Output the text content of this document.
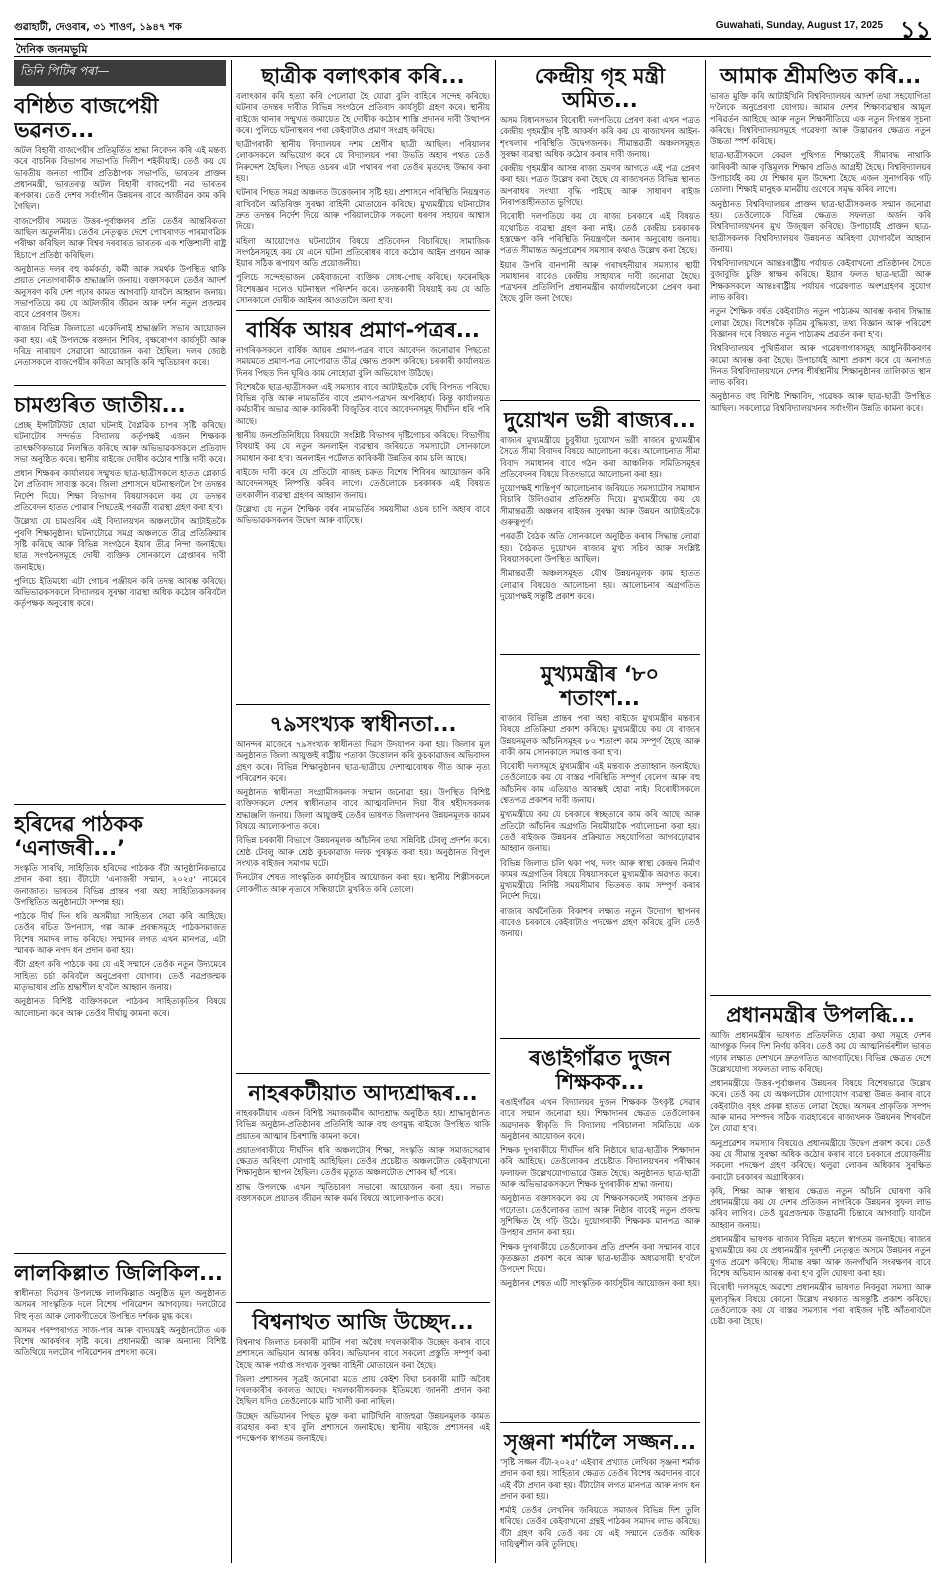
গুৱাহাটী, দেওবাৰ, ৩১ শাওণ, ১৯৪৭ শক	Guwahati, Sunday, August 17, 2025 ১১
দৈনিক জনমভূমি
তিনি পিটিৰ পৰা—
বশিষ্ঠত বাজপেয়ী ভৱনত...

অটল বিহাৰী বাজপেয়ীৰ প্ৰতিমূৰ্তিত শ্ৰদ্ধা নিবেদন কৰি এই মন্তব্য কৰে বাচনিক বিভাগৰ সভাপতি দিলীপ শইকীয়াই। তেওঁ কয় যে ভাৰতীয় জনতা পাৰ্টিৰ প্ৰতিষ্ঠাপক সভাপতি, ভাৰতৰ প্ৰাক্তন প্ৰধানমন্ত্ৰী, ভাৰতৰত্ন অটল বিহাৰী বাজপেয়ী নৱ ভাৰতৰ ৰূপকাৰ। তেওঁ দেশৰ সৰ্বাংগীন উন্নয়নৰ বাবে আজীৱন কাম কৰি গৈছিল।

বাজপেয়ীৰ সময়ত উত্তৰ-পূৰ্বাঞ্চলৰ প্ৰতি তেওঁৰ আন্তৰিকতা আছিল অতুলনীয়। তেওঁৰ নেতৃত্বত দেশে পোখৰাণত পাৰমাণৱিক পৰীক্ষা কৰিছিল আৰু বিশ্বৰ দৰবাৰত ভাৰতক এক শক্তিশালী ৰাষ্ট্ৰ হিচাপে প্ৰতিষ্ঠা কৰিছিল।

অনুষ্ঠানত দলৰ বহু কৰ্মকৰ্তা, কৰ্মী আৰু সমৰ্থক উপস্থিত থাকি প্ৰয়াত নেতাগৰাকীক শ্ৰদ্ধাঞ্জলি জনায়। বক্তাসকলে তেওঁৰ আদৰ্শ অনুসৰণ কৰি দেশ গঢ়াৰ কামত আগবাঢ়ি যাবলৈ আহ্বান জনায়। সভাপতিয়ে কয় যে অটলজীৰ জীৱন আৰু দৰ্শন নতুন প্ৰজন্মৰ বাবে প্ৰেৰণাৰ উৎস।

ৰাজ্যৰ বিভিন্ন জিলাতো একেদিনাই শ্ৰদ্ধাঞ্জলি সভাৰ আয়োজন কৰা হয়। এই উপলক্ষে ৰক্তদান শিবিৰ, বৃক্ষৰোপণ কাৰ্যসূচী আৰু দৰিদ্ৰ নাৰায়ণ সেৱাৰো আয়োজন কৰা হৈছিল। দলৰ জ্যেষ্ঠ নেতাসকলে বাজপেয়ীৰ কবিতা আবৃত্তি কৰি স্মৃতিচাৰণ কৰে।

চামগুৰিত জাতীয়...

প্ৰেচ্ছ ইন্সটিটিউট হোৱা ঘটনাই বৈপ্লৱিক চাপৰ সৃষ্টি কৰিছে। ঘটনাটোৰ সন্দৰ্ভত বিদ্যালয় কৰ্তৃপক্ষই এজন শিক্ষকক তাৎক্ষণিকভাৱে নিলম্বিত কৰিছে আৰু অভিভাৱকসকলে প্ৰতিবাদ সভা অনুষ্ঠিত কৰে। স্থানীয় ৰাইজে দোষীৰ কঠোৰ শাস্তি দাবী কৰে।

প্ৰধান শিক্ষকৰ কাৰ্যালয়ৰ সন্মুখত ছাত্ৰ-ছাত্ৰীসকলে হাতত প্লেকাৰ্ড লৈ প্ৰতিবাদ সাব্যস্ত কৰে। জিলা প্ৰশাসনে ঘটনাস্থললৈ গৈ তদন্তৰ নিৰ্দেশ দিয়ে। শিক্ষা বিভাগৰ বিষয়াসকলে কয় যে তদন্তৰ প্ৰতিবেদন হাতত পোৱাৰ পিছতেই পৰৱৰ্তী ব্যৱস্থা গ্ৰহণ কৰা হ'ব।

উল্লেখ্য যে চামগুৰিৰ এই বিদ্যালয়খন অঞ্চলটোৰ আটাইতকৈ পুৰণি শিক্ষানুষ্ঠান। ঘটনাটোৱে সমগ্ৰ অঞ্চলতে তীব্ৰ প্ৰতিক্ৰিয়াৰ সৃষ্টি কৰিছে আৰু বিভিন্ন সংগঠনে ইয়াৰ তীব্ৰ নিন্দা জনাইছে। ছাত্ৰ সংগঠনসমূহে দোষী ব্যক্তিক সোনকালে গ্ৰেপ্তাৰৰ দাবী জনাইছে।

পুলিচে ইতিমধ্যে এটা গোচৰ পঞ্জীয়ন কৰি তদন্ত আৰম্ভ কৰিছে। অভিভাৱকসকলে বিদ্যালয়ৰ সুৰক্ষা ব্যৱস্থা অধিক কঠোৰ কৰিবলৈ কৰ্তৃপক্ষক অনুৰোধ কৰে।

হৰিদেৱ পাঠকক ‘এনাজৰী...’

সংস্কৃতি সাৰথি, সাহিত্যিক হৰিদেৱ পাঠকক বঁটা আনুষ্ঠানিকভাৱে প্ৰদান কৰা হয়। বঁটাটো 'এনাজৰী সন্মান, ২০২৫' নামেৰে জনাজাত। ভাৰতৰ বিভিন্ন প্ৰান্তৰ পৰা অহা সাহিত্যিকসকলৰ উপস্থিতিত অনুষ্ঠানটো সম্পন্ন হয়।

পাঠকে দীৰ্ঘ দিন ধৰি অসমীয়া সাহিত্যৰ সেৱা কৰি আহিছে। তেওঁৰ ৰচিত উপন্যাস, গল্প আৰু প্ৰবন্ধসমূহে পাঠকসমাজত বিশেষ সমাদৰ লাভ কৰিছে। সন্মানৰ লগত এখন মানপত্ৰ, এটা স্মাৰক আৰু নগদ ধন প্ৰদান কৰা হয়।

বঁটা গ্ৰহণ কৰি পাঠকে কয় যে এই সন্মানে তেওঁক নতুন উদ্যমেৰে সাহিত্য চৰ্চা কৰিবলৈ অনুপ্ৰেৰণা যোগাব। তেওঁ নৱপ্ৰজন্মক মাতৃভাষাৰ প্ৰতি শ্ৰদ্ধাশীল হ'বলৈ আহ্বান জনায়।

অনুষ্ঠানত বিশিষ্ট ব্যক্তিসকলে পাঠকৰ সাহিত্যকৃতিৰ বিষয়ে আলোচনা কৰে আৰু তেওঁৰ দীৰ্ঘায়ু কামনা কৰে।

লালকিল্লাত জিলিকিল...

স্বাধীনতা দিৱসৰ উপলক্ষে লালকিল্লাত অনুষ্ঠিত মূল অনুষ্ঠানত অসমৰ সাংস্কৃতিক দলে বিশেষ পৰিৱেশন আগবঢ়ায়। দলটোৱে বিহু নৃত্য আৰু লোকগীতেৰে উপস্থিত দৰ্শকক মুগ্ধ কৰে।

অসমৰ পৰম্পৰাগত সাজ-পাৰ আৰু বাদ্যযন্ত্ৰই অনুষ্ঠানটোত এক বিশেষ আকৰ্ষণৰ সৃষ্টি কৰে। প্ৰধানমন্ত্ৰী আৰু অন্যান্য বিশিষ্ট অতিথিয়ে দলটোৰ পৰিৱেশনৰ প্ৰশংসা কৰে।

ছাত্ৰীক বলাৎকাৰ কৰি...

বলাৎকাৰ কৰি হত্যা কৰি পেলোৱা হৈ যোৱা বুলি বাহিৰে সন্দেহ কৰিছে। ঘটনাৰ তদন্তৰ দাবীত বিভিন্ন সংগঠনে প্ৰতিবাদ কাৰ্যসূচী গ্ৰহণ কৰে। স্থানীয় ৰাইজে থানাৰ সন্মুখত জমায়েত হৈ দোষীক কঠোৰ শাস্তি প্ৰদানৰ দাবী উত্থাপন কৰে। পুলিচে ঘটনাস্থলৰ পৰা কেইবাটাও প্ৰমাণ সংগ্ৰহ কৰিছে।

ছাত্ৰীগৰাকী স্থানীয় বিদ্যালয়ৰ দশম শ্ৰেণীৰ ছাত্ৰী আছিল। পৰিয়ালৰ লোকসকলে অভিযোগ কৰে যে বিদ্যালয়ৰ পৰা উভতি অহাৰ পথত তেওঁ নিৰুদ্দেশ হৈছিল। পিছত ওচৰৰ এটা পথাৰৰ পৰা তেওঁৰ মৃতদেহ উদ্ধাৰ কৰা হয়।

ঘটনাৰ পিছত সমগ্ৰ অঞ্চলত উত্তেজনাৰ সৃষ্টি হয়। প্ৰশাসনে পৰিস্থিতি নিয়ন্ত্ৰণত ৰাখিবলৈ অতিৰিক্ত সুৰক্ষা বাহিনী মোতায়েন কৰিছে। মুখ্যমন্ত্ৰীয়ে ঘটনাটোৰ দ্ৰুত তদন্তৰ নিৰ্দেশ দিয়ে আৰু পৰিয়ালটোক সকলো ধৰণৰ সহায়ৰ আশ্বাস দিয়ে।

মহিলা আয়োগেও ঘটনাটোৰ বিষয়ে প্ৰতিবেদন বিচাৰিছে। সামাজিক সংগঠনসমূহে কয় যে এনে ঘটনা প্ৰতিৰোধৰ বাবে কঠোৰ আইন প্ৰণয়ন আৰু ইয়াৰ সঠিক ৰূপায়ণ অতি প্ৰয়োজনীয়।

পুলিচে সন্দেহভাজন কেইবাজনো ব্যক্তিক সোধ-পোছ কৰিছে। ফৰেনছিক বিশেষজ্ঞৰ দলেও ঘটনাস্থল পৰিদৰ্শন কৰে। তদন্তকাৰী বিষয়াই কয় যে অতি সোনকালে দোষীক আইনৰ আওতালৈ অনা হ'ব।

বাৰ্ষিক আয়ৰ প্ৰমাণ-পত্ৰৰ...

নাগৰিকসকলে বাৰ্ষিক আয়ৰ প্ৰমাণ-পত্ৰৰ বাবে আবেদন জনোৱাৰ পিছতো সময়মতে প্ৰমাণ-পত্ৰ নোপোৱাত তীব্ৰ ক্ষোভ প্ৰকাশ কৰিছে। চৰকাৰী কাৰ্যালয়ত দিনৰ পিছত দিন ঘূৰিও কাম নোহোৱা বুলি অভিযোগ উঠিছে।

বিশেষকৈ ছাত্ৰ-ছাত্ৰীসকল এই সমস্যাৰ বাবে আটাইতকৈ বেছি বিপদত পৰিছে। বিভিন্ন বৃত্তি আৰু নামভৰ্তিৰ বাবে প্ৰমাণ-পত্ৰখন অপৰিহাৰ্য। কিন্তু কাৰ্যালয়ত কৰ্মচাৰীৰ অভাৱ আৰু কাৰিকৰী বিজুতিৰ বাবে আবেদনসমূহ দীৰ্ঘদিন ধৰি পৰি আছে।

স্থানীয় জনপ্ৰতিনিধিয়ে বিষয়টো সংশ্লিষ্ট বিভাগৰ দৃষ্টিগোচৰ কৰিছে। বিভাগীয় বিষয়াই কয় যে নতুন অনলাইন ব্যৱস্থাৰ জৰিয়তে সমস্যাটো সোনকালে সমাধান কৰা হ'ব। অনলাইন পৰ্টেলত কাৰিকৰী উন্নতিৰ কাম চলি আছে।

ৰাইজে দাবী কৰে যে প্ৰতিটো ৰাজহ চক্ৰত বিশেষ শিবিৰৰ আয়োজন কৰি আবেদনসমূহ নিষ্পত্তি কৰিব লাগে। তেওঁলোকে চৰকাৰক এই বিষয়ত তৎকালীন ব্যৱস্থা গ্ৰহণৰ আহ্বান জনায়।

উল্লেখ্য যে নতুন শৈক্ষিক বৰ্ষৰ নামভৰ্তিৰ সময়সীমা ওচৰ চাপি অহাৰ বাবে অভিভাৱকসকলৰ উদ্বেগ আৰু বাঢ়িছে।

৭৯সংখ্যক স্বাধীনতা...

আনন্দৰ মাজেৰে ৭৯সংখ্যক স্বাধীনতা দিৱস উদযাপন কৰা হয়। জিলাৰ মূল অনুষ্ঠানত জিলা আয়ুক্তই ৰাষ্ট্ৰীয় পতাকা উত্তোলন কৰি কুচকাৱাজৰ অভিবাদন গ্ৰহণ কৰে। বিভিন্ন শিক্ষানুষ্ঠানৰ ছাত্ৰ-ছাত্ৰীয়ে দেশাত্মবোধক গীত আৰু নৃত্য পৰিৱেশন কৰে।

অনুষ্ঠানত স্বাধীনতা সংগ্ৰামীসকলক সন্মান জনোৱা হয়। উপস্থিত বিশিষ্ট ব্যক্তিসকলে দেশৰ স্বাধীনতাৰ বাবে আত্মবলিদান দিয়া বীৰ শ্বহীদসকলক শ্ৰদ্ধাঞ্জলি জনায়। জিলা আয়ুক্তই তেওঁৰ ভাষণত জিলাখনৰ উন্নয়নমূলক কামৰ বিষয়ে আলোকপাত কৰে।

বিভিন্ন চৰকাৰী বিভাগে উন্নয়নমূলক আঁচনিৰ তথ্য সন্নিবিষ্ট টেবলু প্ৰদৰ্শন কৰে। শ্ৰেষ্ঠ টেবলু আৰু শ্ৰেষ্ঠ কুচকাৱাজ দলক পুৰস্কৃত কৰা হয়। অনুষ্ঠানত বিপুল সংখ্যক ৰাইজৰ সমাগম ঘটে।

দিনটোৰ শেষত সাংস্কৃতিক কাৰ্যসূচীৰ আয়োজন কৰা হয়। স্থানীয় শিল্পীসকলে লোকগীত আৰু নৃত্যৰে সন্ধিয়াটো মুখৰিত কৰি তোলে।

নাহৰকটীয়াত আদ্যশ্ৰাদ্ধৰ...

নাহৰকটীয়াৰ এজন বিশিষ্ট সমাজকৰ্মীৰ আদ্যশ্ৰাদ্ধ অনুষ্ঠিত হয়। শ্ৰাদ্ধানুষ্ঠানত বিভিন্ন অনুষ্ঠান-প্ৰতিষ্ঠানৰ প্ৰতিনিধি আৰু বহু গুণমুগ্ধ ৰাইজে উপস্থিত থাকি প্ৰয়াতৰ আত্মাৰ চিৰশান্তি কামনা কৰে।

প্ৰয়াতগৰাকীয়ে দীৰ্ঘদিন ধৰি অঞ্চলটোৰ শিক্ষা, সংস্কৃতি আৰু সমাজসেৱাৰ ক্ষেত্ৰত অৰিহণা যোগাই আহিছিল। তেওঁৰ প্ৰচেষ্টাত অঞ্চলটোত কেইবাখনো শিক্ষানুষ্ঠান স্থাপন হৈছিল। তেওঁৰ মৃত্যুত অঞ্চলটোত শোকৰ ছাঁ পৰে।

শ্ৰাদ্ধ উপলক্ষে এখন স্মৃতিচাৰণ সভাৰো আয়োজন কৰা হয়। সভাত বক্তাসকলে প্ৰয়াতৰ জীৱন আৰু কৰ্মৰ বিষয়ে আলোকপাত কৰে।

বিশ্বনাথত আজি উচ্ছেদ...

বিশ্বনাথ জিলাত চৰকাৰী মাটিৰ পৰা অবৈধ দখলকাৰীক উচ্ছেদ কৰাৰ বাবে প্ৰশাসনে অভিযান আৰম্ভ কৰিব। অভিযানৰ বাবে সকলো প্ৰস্তুতি সম্পূৰ্ণ কৰা হৈছে আৰু পৰ্যাপ্ত সংখ্যক সুৰক্ষা বাহিনী মোতায়েন কৰা হৈছে।

জিলা প্ৰশাসনৰ সূত্ৰই জনোৱা মতে প্ৰায় কেইশ বিঘা চৰকাৰী মাটি অবৈধ দখলকাৰীৰ কবলত আছে। দখলকাৰীসকলক ইতিমধ্যে জাননী প্ৰদান কৰা হৈছিল যদিও তেওঁলোকে মাটি খালী কৰা নাছিল।

উচ্ছেদ অভিযানৰ পিছত মুক্ত কৰা মাটিখিনি ৰাজহুৱা উন্নয়নমূলক কামত ব্যৱহাৰ কৰা হ'ব বুলি প্ৰশাসনে জনাইছে। স্থানীয় ৰাইজে প্ৰশাসনৰ এই পদক্ষেপক স্বাগতম জনাইছে।

কেন্দ্ৰীয় গৃহ মন্ত্ৰী অমিত...

অসম বিধানসভাৰ বিৰোধী দলপতিয়ে প্ৰেৰণ কৰা এখন পত্ৰত কেন্দ্ৰীয় গৃহমন্ত্ৰীৰ দৃষ্টি আকৰ্ষণ কৰি কয় যে ৰাজ্যখনৰ আইন-শৃংখলাৰ পৰিস্থিতি উদ্বেগজনক। সীমান্তৱৰ্তী অঞ্চলসমূহত সুৰক্ষা ব্যৱস্থা অধিক কঠোৰ কৰাৰ দাবী জনায়।

কেন্দ্ৰীয় গৃহমন্ত্ৰীৰ আসন্ন ৰাজ্য ভ্ৰমণৰ আগতে এই পত্ৰ প্ৰেৰণ কৰা হয়। পত্ৰত উল্লেখ কৰা হৈছে যে ৰাজ্যখনত বিভিন্ন স্থানত অপৰাধৰ সংখ্যা বৃদ্ধি পাইছে আৰু সাধাৰণ ৰাইজ নিৰাপত্তাহীনতাত ভুগিছে।

বিৰোধী দলপতিয়ে কয় যে ৰাজ্য চৰকাৰে এই বিষয়ত যথোচিত ব্যৱস্থা গ্ৰহণ কৰা নাই। তেওঁ কেন্দ্ৰীয় চৰকাৰক হস্তক্ষেপ কৰি পৰিস্থিতি নিয়ন্ত্ৰণলৈ অনাৰ অনুৰোধ জনায়। পত্ৰত সীমান্তত অনুপ্ৰৱেশৰ সমস্যাৰ কথাও উল্লেখ কৰা হৈছে।

ইয়াৰ উপৰি বানপানী আৰু গৰাখহনীয়াৰ সমস্যাৰ স্থায়ী সমাধানৰ বাবেও কেন্দ্ৰীয় সাহায্যৰ দাবী জনোৱা হৈছে। পত্ৰখনৰ প্ৰতিলিপি প্ৰধানমন্ত্ৰীৰ কাৰ্যালয়লৈকো প্ৰেৰণ কৰা হৈছে বুলি জনা গৈছে।

দুয়োখন ভগ্নী ৰাজ্যৰ...

ৰাজ্যৰ মুখ্যমন্ত্ৰীয়ে চুবুৰীয়া দুয়োখন ভগ্নী ৰাজ্যৰ মুখ্যমন্ত্ৰীৰ সৈতে সীমা বিবাদৰ বিষয়ে আলোচনা কৰে। আলোচনাত সীমা বিবাদ সমাধানৰ বাবে গঠন কৰা আঞ্চলিক সমিতিসমূহৰ প্ৰতিবেদনৰ বিষয়ে বিতংভাৱে আলোচনা কৰা হয়।

দুয়োপক্ষই শান্তিপূৰ্ণ আলোচনাৰ জৰিয়তে সমস্যাটোৰ সমাধান বিচাৰি উলিওৱাৰ প্ৰতিশ্ৰুতি দিয়ে। মুখ্যমন্ত্ৰীয়ে কয় যে সীমান্তৱৰ্তী অঞ্চলৰ ৰাইজৰ সুৰক্ষা আৰু উন্নয়ন আটাইতকৈ গুৰুত্বপূৰ্ণ।

পৰৱৰ্তী বৈঠক অতি সোনকালে অনুষ্ঠিত কৰাৰ সিদ্ধান্ত লোৱা হয়। বৈঠকত দুয়োখন ৰাজ্যৰ মুখ্য সচিব আৰু সংশ্লিষ্ট বিষয়াসকলো উপস্থিত আছিল।

সীমান্তৱৰ্তী অঞ্চলসমূহত যৌথ উন্নয়নমূলক কাম হাতত লোৱাৰ বিষয়েও আলোচনা হয়। আলোচনাৰ অগ্ৰগতিত দুয়োপক্ষই সন্তুষ্টি প্ৰকাশ কৰে।

মুখ্যমন্ত্ৰীৰ ‘৮০ শতাংশ...

ৰাজ্যৰ বিভিন্ন প্ৰান্তৰ পৰা অহা ৰাইজে মুখ্যমন্ত্ৰীৰ মন্তব্যৰ বিষয়ে প্ৰতিক্ৰিয়া প্ৰকাশ কৰিছে। মুখ্যমন্ত্ৰীয়ে কয় যে ৰাজ্যৰ উন্নয়নমূলক আঁচনিসমূহৰ ৮০ শতাংশ কাম সম্পূৰ্ণ হৈছে আৰু বাকী কাম সোনকালে সমাপ্ত কৰা হ'ব।

বিৰোধী দলসমূহে মুখ্যমন্ত্ৰীৰ এই মন্তব্যক প্ৰত্যাহ্বান জনাইছে। তেওঁলোকে কয় যে বাস্তৱ পৰিস্থিতি সম্পূৰ্ণ বেলেগ আৰু বহু আঁচনিৰ কাম এতিয়াও আৰম্ভই হোৱা নাই। বিৰোধীসকলে শ্বেতপত্ৰ প্ৰকাশৰ দাবী জনায়।

মুখ্যমন্ত্ৰীয়ে কয় যে চৰকাৰে স্বচ্ছতাৰে কাম কৰি আছে আৰু প্ৰতিটো আঁচনিৰ অগ্ৰগতি নিয়মীয়াকৈ পৰ্যালোচনা কৰা হয়। তেওঁ ৰাইজক উন্নয়নৰ প্ৰক্ৰিয়াত সহযোগিতা আগবঢ়োৱাৰ আহ্বান জনায়।

বিভিন্ন জিলাত চলি থকা পথ, দলং আৰু স্বাস্থ্য কেন্দ্ৰৰ নিৰ্মাণ কামৰ অগ্ৰগতিৰ বিষয়ে বিষয়াসকলে মুখ্যমন্ত্ৰীক অৱগত কৰে। মুখ্যমন্ত্ৰীয়ে নিৰ্দিষ্ট সময়সীমাৰ ভিতৰত কাম সম্পূৰ্ণ কৰাৰ নিৰ্দেশ দিয়ে।

ৰাজ্যৰ অৰ্থনৈতিক বিকাশৰ লক্ষ্যত নতুন উদ্যোগ স্থাপনৰ বাবেও চৰকাৰে কেইবাটাও পদক্ষেপ গ্ৰহণ কৰিছে বুলি তেওঁ জনায়।

ৰঙাইগাঁৱত দুজন শিক্ষকক...

ৰঙাইগাঁৱৰ এখন বিদ্যালয়ৰ দুজন শিক্ষকক উৎকৃষ্ট সেৱাৰ বাবে সন্মান জনোৱা হয়। শিক্ষাদানৰ ক্ষেত্ৰত তেওঁলোকৰ অৱদানক স্বীকৃতি দি বিদ্যালয় পৰিচালনা সমিতিয়ে এক অনুষ্ঠানৰ আয়োজন কৰে।

শিক্ষক দুগৰাকীয়ে দীৰ্ঘদিন ধৰি নিষ্ঠাৰে ছাত্ৰ-ছাত্ৰীক শিক্ষাদান কৰি আহিছে। তেওঁলোকৰ প্ৰচেষ্টাত বিদ্যালয়খনৰ পৰীক্ষাৰ ফলাফল উল্লেখযোগ্যভাৱে উন্নত হৈছে। অনুষ্ঠানত ছাত্ৰ-ছাত্ৰী আৰু অভিভাৱকসকলে শিক্ষক দুগৰাকীক শ্ৰদ্ধা জনায়।

অনুষ্ঠানত বক্তাসকলে কয় যে শিক্ষকসকলেই সমাজৰ প্ৰকৃত গঢ়োতা। তেওঁলোকৰ ত্যাগ আৰু নিষ্ঠাৰ বাবেই নতুন প্ৰজন্ম সুশিক্ষিত হৈ গঢ়ি উঠে। দুয়োগৰাকী শিক্ষকক মানপত্ৰ আৰু উপহাৰ প্ৰদান কৰা হয়।

শিক্ষক দুগৰাকীয়ে তেওঁলোকৰ প্ৰতি প্ৰদৰ্শন কৰা সন্মানৰ বাবে কৃতজ্ঞতা প্ৰকাশ কৰে আৰু ছাত্ৰ-ছাত্ৰীক অধ্যৱসায়ী হ'বলৈ উপদেশ দিয়ে।

অনুষ্ঠানৰ শেষত এটি সাংস্কৃতিক কাৰ্যসূচীৰ আয়োজন কৰা হয়।

সৃঞ্জনা শৰ্মালৈ সজ্জন...

'সৃষ্টি সজ্জন বঁটা-২০২৫' এইবাৰ প্ৰখ্যাত লেখিকা সৃঞ্জনা শৰ্মাক প্ৰদান কৰা হয়। সাহিত্যৰ ক্ষেত্ৰত তেওঁৰ বিশেষ অৱদানৰ বাবে এই বঁটা প্ৰদান কৰা হয়। বঁটাটোৰ লগত মানপত্ৰ আৰু নগদ ধন প্ৰদান কৰা হয়।

শৰ্মাই তেওঁৰ লেখনিৰ জৰিয়তে সমাজৰ বিভিন্ন দিশ তুলি ধৰিছে। তেওঁৰ কেইবাখনো গ্ৰন্থই পাঠকৰ সমাদৰ লাভ কৰিছে। বঁটা গ্ৰহণ কৰি তেওঁ কয় যে এই সন্মানে তেওঁক অধিক দায়িত্বশীল কৰি তুলিছে।

আমাক শ্ৰীমণ্ডিত কৰি...

ভাৰত মুক্তি কৰি আটাইখিনি বিশ্ববিদ্যালয়ৰ আদৰ্শ তথা সহযোগিতা দ'লৈকে অনুপ্ৰেৰণা যোগায়। আমাৰ দেশৰ শিক্ষাব্যৱস্থাৰ আমূল পৰিৱৰ্তন আহিছে আৰু নতুন শিক্ষানীতিয়ে এক নতুন দিগন্তৰ সূচনা কৰিছে। বিশ্ববিদ্যালয়সমূহে গৱেষণা আৰু উদ্ভাৱনৰ ক্ষেত্ৰত নতুন উচ্চতা স্পৰ্শ কৰিছে।

ছাত্ৰ-ছাত্ৰীসকলে কেৱল পুথিগত শিক্ষাতেই সীমাবদ্ধ নাথাকি কাৰিকৰী আৰু বৃত্তিমূলক শিক্ষাৰ প্ৰতিও আগ্ৰহী হৈছে। বিশ্ববিদ্যালয়ৰ উপাচাৰ্যই কয় যে শিক্ষাৰ মূল উদ্দেশ্য হৈছে এজন সুনাগৰিক গঢ়ি তোলা। শিক্ষাই মানুহক মানৱীয় গুণেৰে সমৃদ্ধ কৰিব লাগে।

অনুষ্ঠানত বিশ্ববিদ্যালয়ৰ প্ৰাক্তন ছাত্ৰ-ছাত্ৰীসকলক সন্মান জনোৱা হয়। তেওঁলোকে বিভিন্ন ক্ষেত্ৰত সফলতা অৰ্জন কৰি বিশ্ববিদ্যালয়খনৰ মুখ উজ্জ্বল কৰিছে। উপাচাৰ্যই প্ৰাক্তন ছাত্ৰ-ছাত্ৰীসকলক বিশ্ববিদ্যালয়ৰ উন্নয়নত অৰিহণা যোগাবলৈ আহ্বান জনায়।

বিশ্ববিদ্যালয়খনে আন্তঃৰাষ্ট্ৰীয় পৰ্যায়ত কেইবাখনো প্ৰতিষ্ঠানৰ সৈতে বুজাবুজি চুক্তি স্বাক্ষৰ কৰিছে। ইয়াৰ ফলত ছাত্ৰ-ছাত্ৰী আৰু শিক্ষকসকলে আন্তঃৰাষ্ট্ৰীয় পৰ্যায়ৰ গৱেষণাত অংশগ্ৰহণৰ সুযোগ লাভ কৰিব।

নতুন শৈক্ষিক বৰ্ষত কেইবাটাও নতুন পাঠ্যক্ৰম আৰম্ভ কৰাৰ সিদ্ধান্ত লোৱা হৈছে। বিশেষকৈ কৃত্ৰিম বুদ্ধিমত্তা, তথ্য বিজ্ঞান আৰু পৰিৱেশ বিজ্ঞানৰ দৰে বিষয়ত নতুন পাঠ্যক্ৰম প্ৰৱৰ্তন কৰা হ'ব।

বিশ্ববিদ্যালয়ৰ পুথিভঁৰাল আৰু গৱেষণাগাৰসমূহ আধুনিকীকৰণৰ কামো আৰম্ভ কৰা হৈছে। উপাচাৰ্যই আশা প্ৰকাশ কৰে যে অনাগত দিনত বিশ্ববিদ্যালয়খনে দেশৰ শীৰ্ষস্থানীয় শিক্ষানুষ্ঠানৰ তালিকাত স্থান লাভ কৰিব।

অনুষ্ঠানত বহু বিশিষ্ট শিক্ষাবিদ, গৱেষক আৰু ছাত্ৰ-ছাত্ৰী উপস্থিত আছিল। সকলোৱে বিশ্ববিদ্যালয়খনৰ সৰ্বাংগীন উন্নতি কামনা কৰে।

প্ৰধানমন্ত্ৰীৰ উপলব্ধি...

আজি প্ৰধানমন্ত্ৰীৰ ভাষণত প্ৰতিফলিত হোৱা কথা সমূহে দেশৰ আগন্তুক দিনৰ দিশ নিৰ্ণয় কৰিব। তেওঁ কয় যে আত্মনিৰ্ভৰশীল ভাৰত গঢ়াৰ লক্ষ্যত দেশখনে দ্ৰুতগতিত আগবাঢ়িছে। বিভিন্ন ক্ষেত্ৰত দেশে উল্লেখযোগ্য সফলতা লাভ কৰিছে।

প্ৰধানমন্ত্ৰীয়ে উত্তৰ-পূৰ্বাঞ্চলৰ উন্নয়নৰ বিষয়ে বিশেষভাৱে উল্লেখ কৰে। তেওঁ কয় যে অঞ্চলটোৰ যোগাযোগ ব্যৱস্থা উন্নত কৰাৰ বাবে কেইবাটাও বৃহৎ প্ৰকল্প হাতত লোৱা হৈছে। অসমৰ প্ৰাকৃতিক সম্পদ আৰু মানৱ সম্পদৰ সঠিক ব্যৱহাৰেৰে ৰাজ্যখনক উন্নয়নৰ শিখৰলৈ লৈ যোৱা হ'ব।

অনুপ্ৰৱেশৰ সমস্যাৰ বিষয়েও প্ৰধানমন্ত্ৰীয়ে উদ্বেগ প্ৰকাশ কৰে। তেওঁ কয় যে সীমান্ত সুৰক্ষা অধিক কঠোৰ কৰাৰ বাবে চৰকাৰে প্ৰয়োজনীয় সকলো পদক্ষেপ গ্ৰহণ কৰিছে। থলুৱা লোকৰ অধিকাৰ সুৰক্ষিত কৰাটো চৰকাৰৰ অগ্ৰাধিকাৰ।

কৃষি, শিক্ষা আৰু স্বাস্থ্যৰ ক্ষেত্ৰত নতুন আঁচনি ঘোষণা কৰি প্ৰধানমন্ত্ৰীয়ে কয় যে দেশৰ প্ৰতিজন নাগৰিকে উন্নয়নৰ সুফল লাভ কৰিব লাগিব। তেওঁ যুৱপ্ৰজন্মক উদ্ভাৱনী চিন্তাৰে আগবাঢ়ি যাবলৈ আহ্বান জনায়।

প্ৰধানমন্ত্ৰীৰ ভাষণক ৰাজ্যৰ বিভিন্ন মহলে স্বাগতম জনাইছে। ৰাজ্যৰ মুখ্যমন্ত্ৰীয়ে কয় যে প্ৰধানমন্ত্ৰীৰ দূৰদৰ্শী নেতৃত্বত অসমে উন্নয়নৰ নতুন যুগত প্ৰৱেশ কৰিছে। সীমান্ত ৰক্ষা আৰু জনগাঁথনি সংৰক্ষণৰ বাবে বিশেষ অভিযান আৰম্ভ কৰা হ'ব বুলি ঘোষণা কৰা হয়।

বিৰোধী দলসমূহে অৱশ্যে প্ৰধানমন্ত্ৰীৰ ভাষণত নিবনুৱা সমস্যা আৰু মূল্যবৃদ্ধিৰ বিষয়ে কোনো উল্লেখ নথকাত অসন্তুষ্টি প্ৰকাশ কৰিছে। তেওঁলোকে কয় যে বাস্তৱ সমস্যাৰ পৰা ৰাইজৰ দৃষ্টি আঁতৰাবলৈ চেষ্টা কৰা হৈছে।
